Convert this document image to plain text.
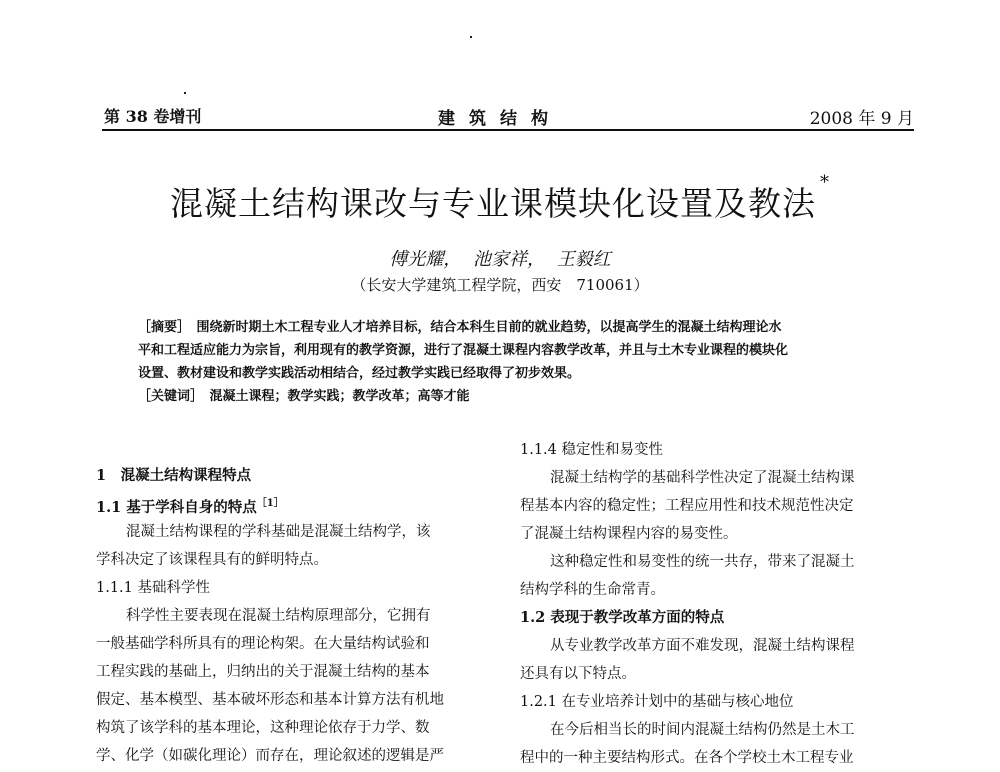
第 38 卷增刊	建筑结构	2008 年 9 月
混凝土结构课改与专业课模块化设置及教法*
傅光耀， 池家祥， 王毅红
（长安大学建筑工程学院，西安　710061）
［摘要］　 围绕新时期土木工程专业人才培养目标，结合本科生目前的就业趋势，以提高学生的混凝土结构理论水
平和工程适应能力为宗旨，利用现有的教学资源，进行了混凝土课程内容教学改革，并且与土木专业课程的模块化
设置、教材建设和教学实践活动相结合，经过教学实践已经取得了初步效果。
［关键词］　 混凝土课程；教学实践；教学改革；高等才能
1　混凝土结构课程特点
1.1 基于学科自身的特点$^{[1]}$
混凝土结构课程的学科基础是混凝土结构学，该
学科决定了该课程具有的鲜明特点。
1.1.1 基础科学性
科学性主要表现在混凝土结构原理部分，它拥有
一般基础学科所具有的理论构架。在大量结构试验和
工程实践的基础上，归纳出的关于混凝土结构的基本
假定、基本模型、基本破坏形态和基本计算方法有机地
构筑了该学科的基本理论，这种理论依存于力学、数
学、化学（如碳化理论）而存在，理论叙述的逻辑是严
1.1.4 稳定性和易变性
混凝土结构学的基础科学性决定了混凝土结构课
程基本内容的稳定性；工程应用性和技术规范性决定
了混凝土结构课程内容的易变性。
这种稳定性和易变性的统一共存，带来了混凝土
结构学科的生命常青。
1.2 表现于教学改革方面的特点
从专业教学改革方面不难发现，混凝土结构课程
还具有以下特点。
1.2.1 在专业培养计划中的基础与核心地位
在今后相当长的时间内混凝土结构仍然是土木工
程中的一种主要结构形式。在各个学校土木工程专业
